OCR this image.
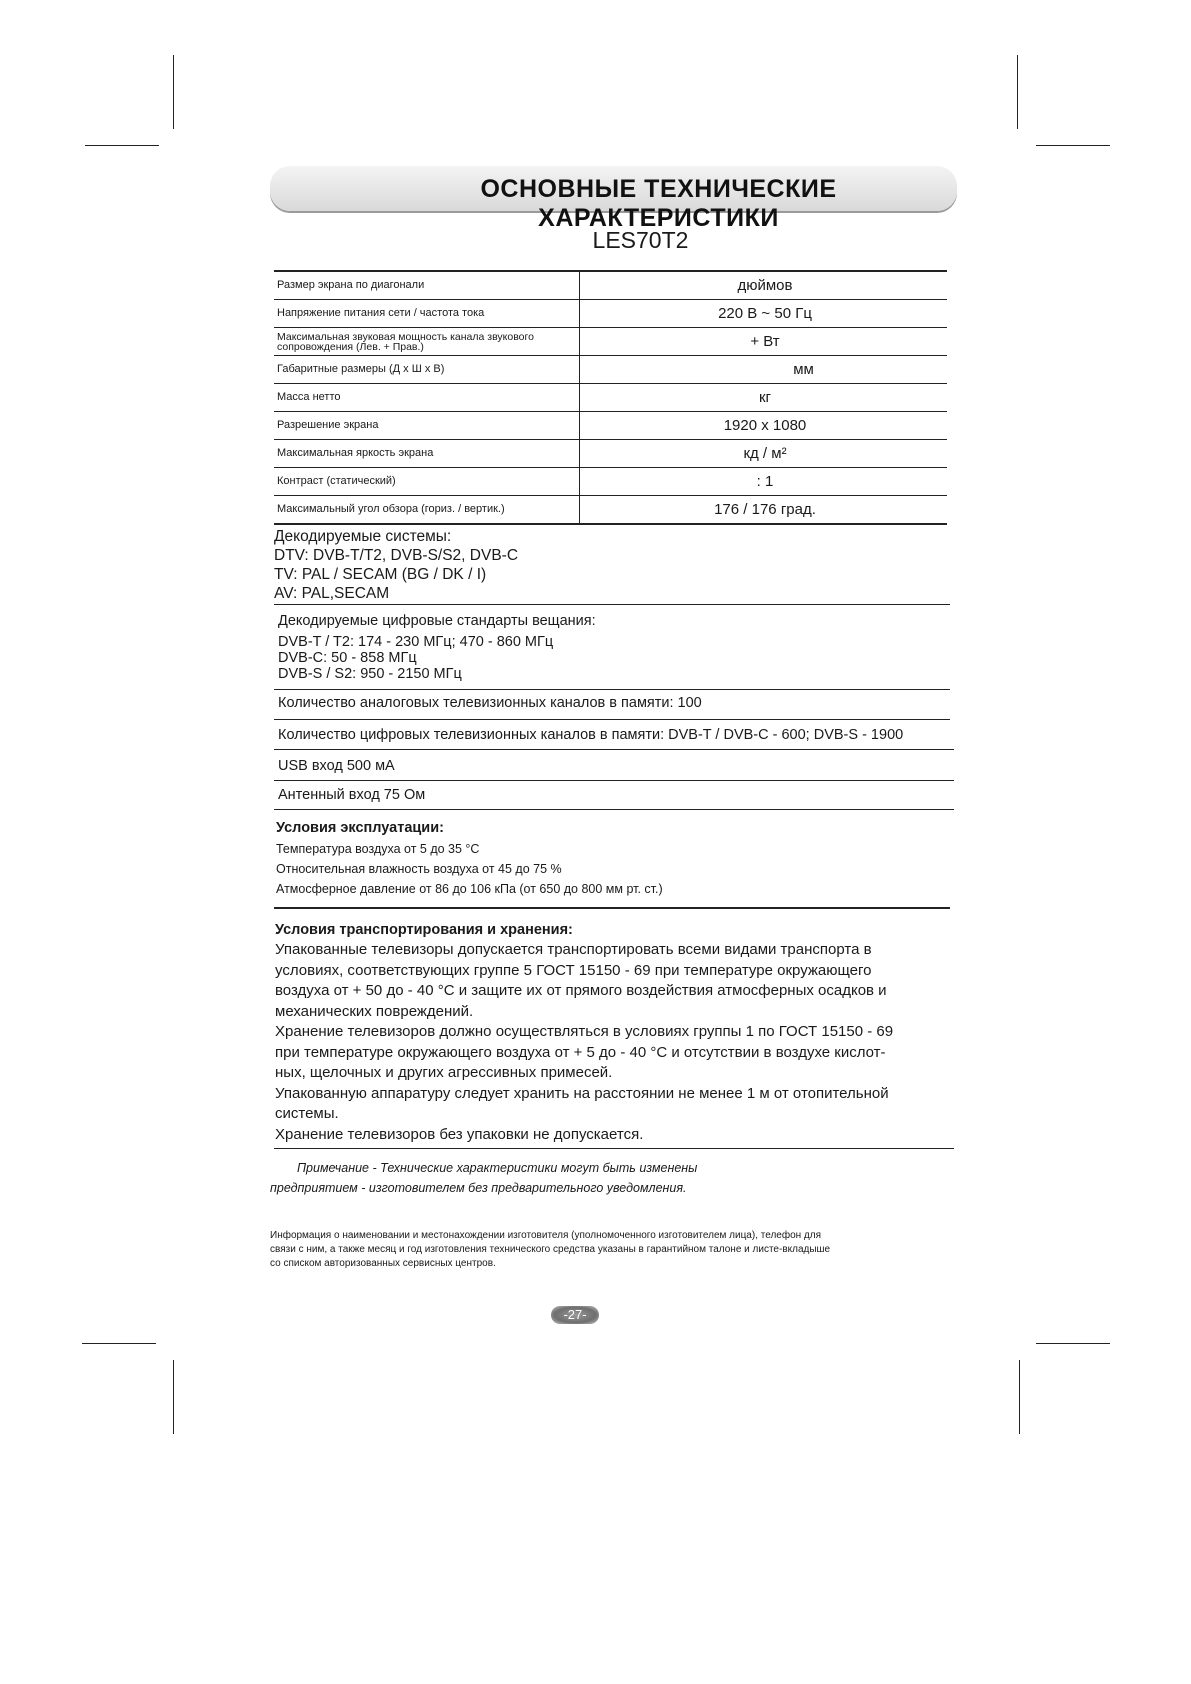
ОСНОВНЫЕ ТЕХНИЧЕСКИЕ ХАРАКТЕРИСТИКИ
LES70T2
Размер экрана по диагонали	дюймов
Напряжение питания сети / частота тока	220 В ~ 50 Гц
Максимальная звуковая мощность канала звукового сопровождения (Лев. + Прав.)	+ Вт
Габаритные размеры (Д х Ш х В)	мм
Масса нетто	кг
Разрешение экрана	1920 x 1080
Максимальная яркость экрана	кд / м²
Контраст (статический)	: 1
Максимальный угол обзора (гориз. / вертик.)	176 / 176 град.
Декодируемые системы:
DTV: DVB-T/T2, DVB-S/S2, DVB-C
TV: PAL / SECAM (BG / DK / I)
AV: PAL,SECAM
Декодируемые цифровые стандарты вещания:
DVB-T / T2: 174 - 230 МГц; 470 - 860 МГц
DVB-C: 50 - 858 МГц
DVB-S / S2: 950 - 2150 МГц
Количество аналоговых телевизионных каналов в памяти: 100
Количество цифровых телевизионных каналов в памяти: DVB-T / DVB-C - 600; DVB-S - 1900
USB вход 500 мА
Антенный вход 75 Ом
Условия эксплуатации:
Температура воздуха от 5 до 35 °С
Относительная влажность воздуха от 45 до 75 %
Атмосферное давление от 86 до 106 кПа (от 650 до 800 мм рт. ст.)
Условия транспортирования и хранения:
Упакованные телевизоры допускается транспортировать всеми видами транспорта в
условиях, соответствующих группе 5 ГОСТ 15150 - 69 при температуре окружающего
воздуха от + 50 до - 40 °С и защите их от прямого воздействия атмосферных осадков и
механических повреждений.
Хранение телевизоров должно осуществляться в условиях группы 1 по ГОСТ 15150 - 69
при температуре окружающего воздуха от + 5 до - 40 °С и отсутствии в воздухе кислот-
ных, щелочных и других агрессивных примесей.
Упакованную аппаратуру следует хранить на расстоянии не менее 1 м от отопительной
системы.
Хранение телевизоров без упаковки не допускается.
Примечание - Технические характеристики могут быть изменены
предприятием - изготовителем без предварительного уведомления.
Информация о наименовании и местонахождении изготовителя (уполномоченного изготовителем лица), телефон для
связи с ним, а также месяц и год изготовления технического средства указаны в гарантийном талоне и листе-вкладыше
со списком авторизованных сервисных центров.
-27-
